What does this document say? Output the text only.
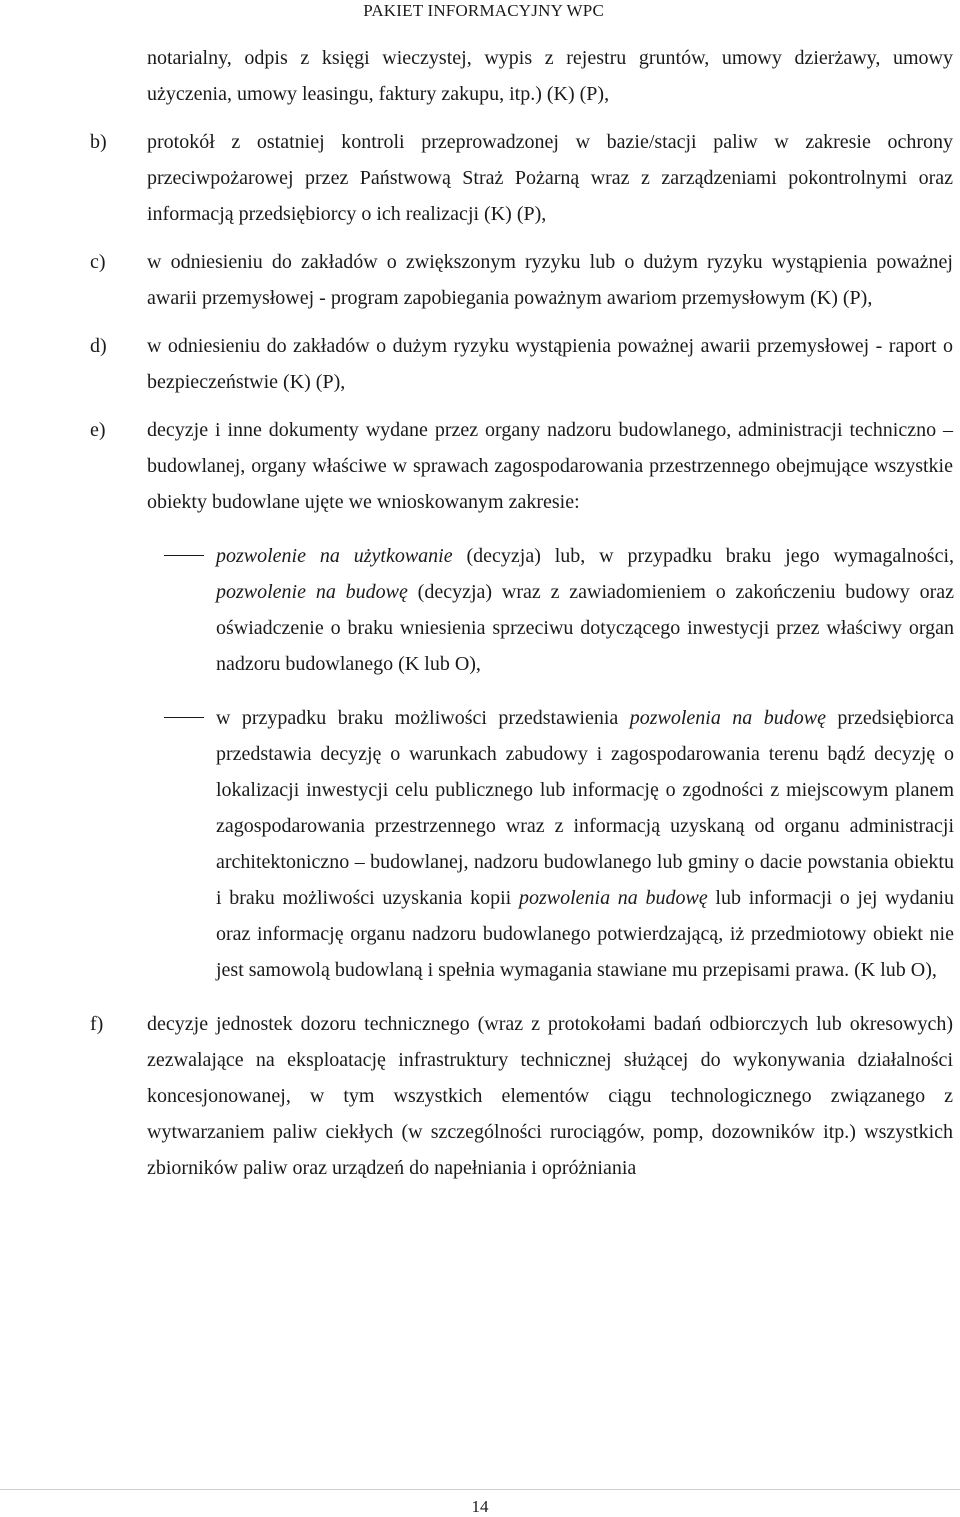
PAKIET INFORMACYJNY WPC
notarialny, odpis z księgi wieczystej, wypis z rejestru gruntów, umowy dzierżawy, umowy użyczenia, umowy leasingu, faktury zakupu, itp.) (K) (P),
b) protokół z ostatniej kontroli przeprowadzonej w bazie/stacji paliw w zakresie ochrony przeciwpożarowej przez Państwową Straż Pożarną wraz z zarządzeniami pokontrolnymi oraz informacją przedsiębiorcy o ich realizacji (K) (P),
c) w odniesieniu do zakładów o zwiększonym ryzyku lub o dużym ryzyku wystąpienia poważnej awarii przemysłowej - program zapobiegania poważnym awariom przemysłowym (K) (P),
d) w odniesieniu do zakładów o dużym ryzyku wystąpienia poważnej awarii przemysłowej - raport o bezpieczeństwie (K) (P),
e) decyzje i inne dokumenty wydane przez organy nadzoru budowlanego, administracji techniczno – budowlanej, organy właściwe w sprawach zagospodarowania przestrzennego obejmujące wszystkie obiekty budowlane ujęte we wnioskowanym zakresie:
pozwolenie na użytkowanie (decyzja) lub, w przypadku braku jego wymagalności, pozwolenie na budowę (decyzja) wraz z zawiadomieniem o zakończeniu budowy oraz oświadczenie o braku wniesienia sprzeciwu dotyczącego inwestycji przez właściwy organ nadzoru budowlanego (K lub O),
w przypadku braku możliwości przedstawienia pozwolenia na budowę przedsiębiorca przedstawia decyzję o warunkach zabudowy i zagospodarowania terenu bądź decyzję o lokalizacji inwestycji celu publicznego lub informację o zgodności z miejscowym planem zagospodarowania przestrzennego wraz z informacją uzyskaną od organu administracji architektoniczno – budowlanej, nadzoru budowlanego lub gminy o dacie powstania obiektu i braku możliwości uzyskania kopii pozwolenia na budowę lub informacji o jej wydaniu oraz informację organu nadzoru budowlanego potwierdzającą, iż przedmiotowy obiekt nie jest samowolą budowlaną i spełnia wymagania stawiane mu przepisami prawa. (K lub O),
f) decyzje jednostek dozoru technicznego (wraz z protokołami badań odbiorczych lub okresowych) zezwalające na eksploatację infrastruktury technicznej służącej do wykonywania działalności koncesjonowanej, w tym wszystkich elementów ciągu technologicznego związanego z wytwarzaniem paliw ciekłych (w szczególności rurociągów, pomp, dozowników itp.) wszystkich zbiorników paliw oraz urządzeń do napełniania i opróżniania
14
